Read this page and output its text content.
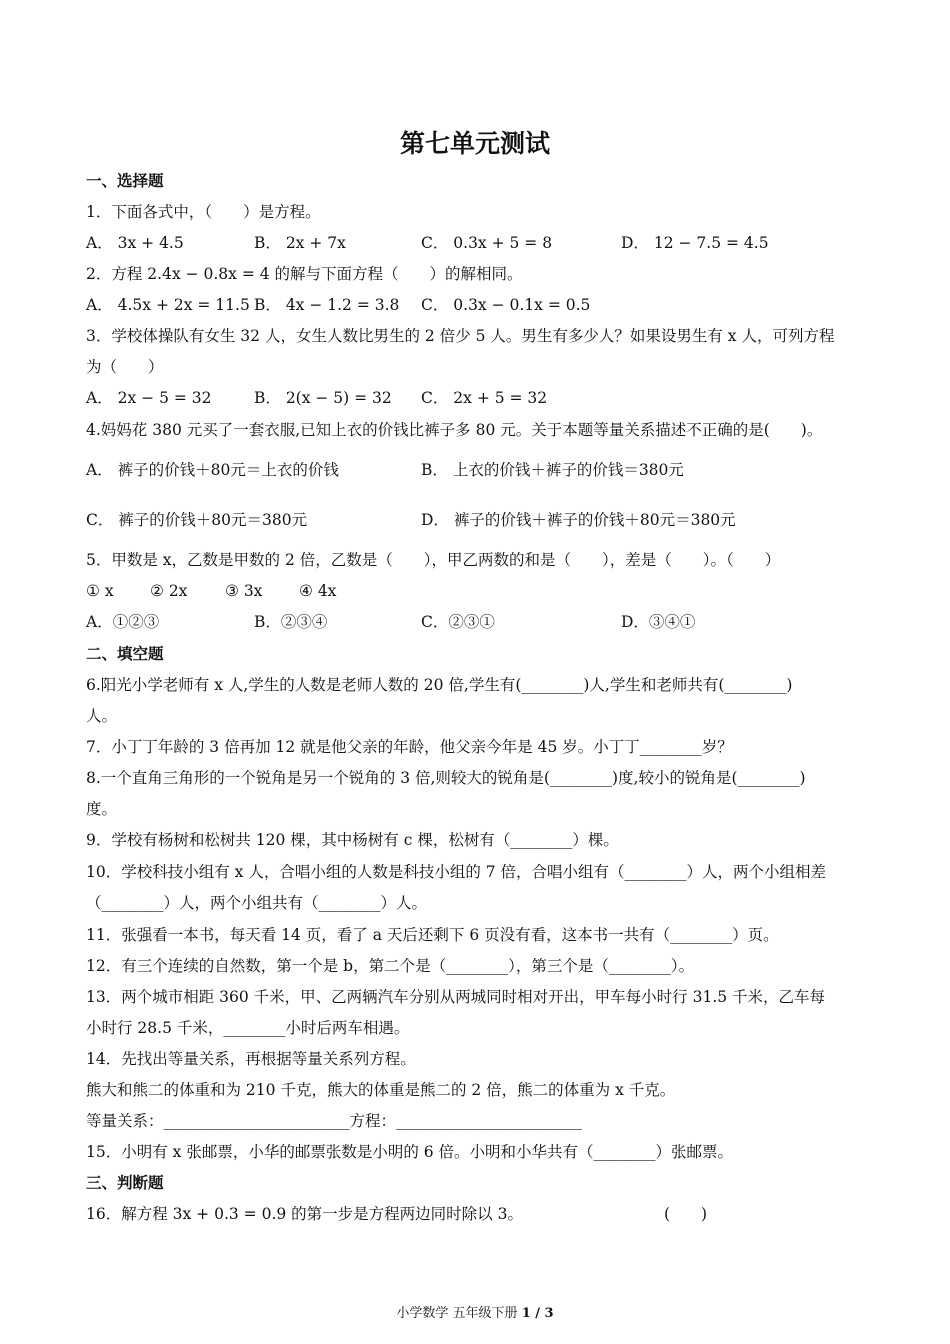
第七单元测试
一、选择题
1．下面各式中，（　　）是方程。
A． 3x + 4.5	B． 2x + 7x	C． 0.3x + 5 = 8	D． 12 − 7.5 = 4.5
2．方程 2.4x − 0.8x = 4 的解与下面方程（　　）的解相同。
A． 4.5x + 2x = 11.5 B． 4x − 1.2 = 3.8 C． 0.3x − 0.1x = 0.5
3．学校体操队有女生 32 人，女生人数比男生的 2 倍少 5 人。男生有多少人？如果设男生有 x 人，可列方程
为（　　）
A． 2x − 5 = 32	B． 2(x − 5) = 32 C． 2x + 5 = 32
4.妈妈花 380 元买了一套衣服,已知上衣的价钱比裤子多 80 元。关于本题等量关系描述不正确的是(　　)。
A． 裤子的价钱＋80元＝上衣的价钱	B． 上衣的价钱＋裤子的价钱＝380元
C． 裤子的价钱＋80元＝380元	D． 裤子的价钱＋裤子的价钱＋80元＝380元
5．甲数是 x，乙数是甲数的 2 倍，乙数是（　　），甲乙两数的和是（　　），差是（　　）。（　　）
① x ② 2x ③ 3x ④ 4x
A．①②③	B．②③④	C．②③①	D．③④①
二、填空题
6.阳光小学老师有 x 人,学生的人数是老师人数的 20 倍,学生有(________)人,学生和老师共有(________)
人。
7．小丁丁年龄的 3 倍再加 12 就是他父亲的年龄，他父亲今年是 45 岁。小丁丁________岁？
8.一个直角三角形的一个锐角是另一个锐角的 3 倍,则较大的锐角是(________)度,较小的锐角是(________)
度。
9．学校有杨树和松树共 120 棵，其中杨树有 c 棵，松树有（________）棵。
10．学校科技小组有 x 人，合唱小组的人数是科技小组的 7 倍，合唱小组有（________）人，两个小组相差
（________）人，两个小组共有（________）人。
11．张强看一本书，每天看 14 页，看了 a 天后还剩下 6 页没有看，这本书一共有（________）页。
12．有三个连续的自然数，第一个是 b，第二个是（________），第三个是（________）。
13．两个城市相距 360 千米，甲、乙两辆汽车分别从两城同时相对开出，甲车每小时行 31.5 千米，乙车每
小时行 28.5 千米，________小时后两车相遇。
14．先找出等量关系，再根据等量关系列方程。
熊大和熊二的体重和为 210 千克，熊大的体重是熊二的 2 倍，熊二的体重为 x 千克。
等量关系：________________________方程：________________________
15．小明有 x 张邮票，小华的邮票张数是小明的 6 倍。小明和小华共有（________）张邮票。
三、判断题
16．解方程 3x + 0.3 = 0.9 的第一步是方程两边同时除以 3。	(　　)
小学数学 五年级下册 1 / 3
